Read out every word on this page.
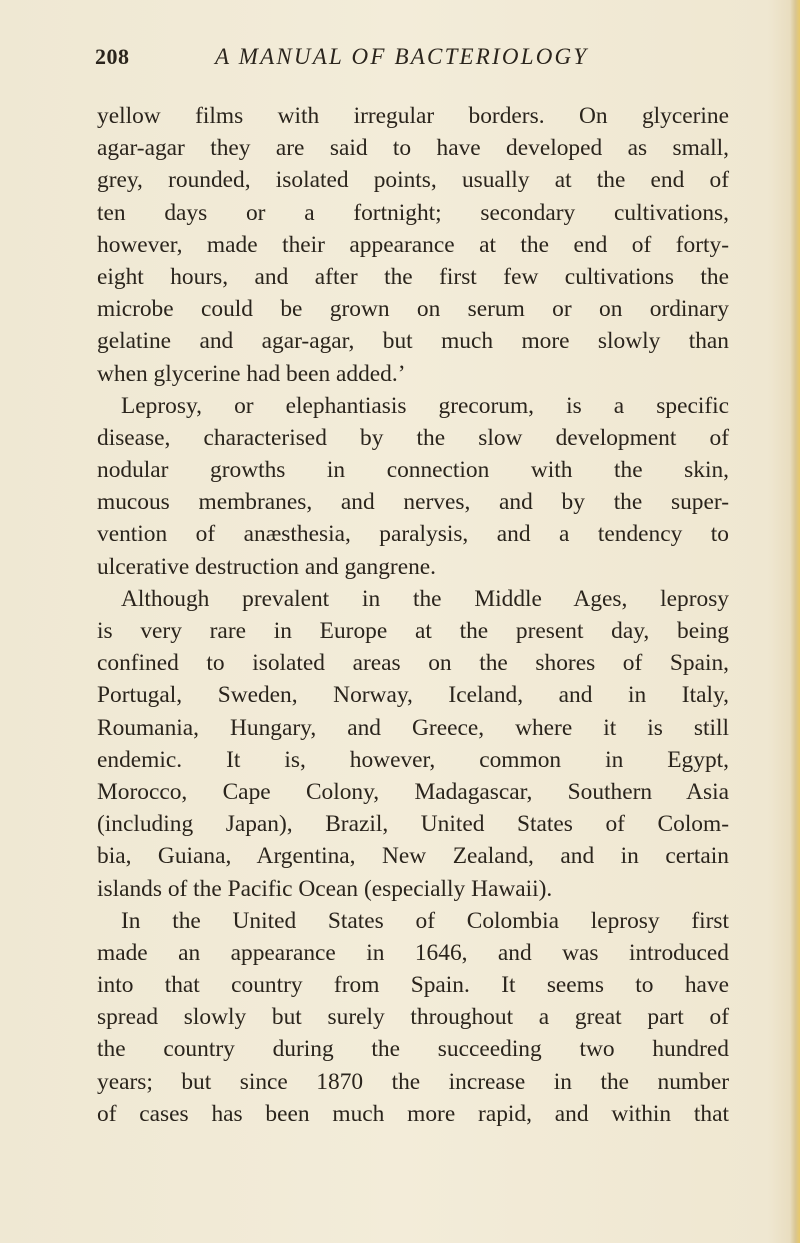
208	A MANUAL OF BACTERIOLOGY
yellow films with irregular borders. On glycerine
agar-agar they are said to have developed as small,
grey, rounded, isolated points, usually at the end of
ten days or a fortnight; secondary cultivations,
however, made their appearance at the end of forty-
eight hours, and after the first few cultivations the
microbe could be grown on serum or on ordinary
gelatine and agar-agar, but much more slowly than
when glycerine had been added.’
Leprosy, or elephantiasis grecorum, is a specific
disease, characterised by the slow development of
nodular growths in connection with the skin,
mucous membranes, and nerves, and by the super-
vention of anæsthesia, paralysis, and a tendency to
ulcerative destruction and gangrene.
Although prevalent in the Middle Ages, leprosy
is very rare in Europe at the present day, being
confined to isolated areas on the shores of Spain,
Portugal, Sweden, Norway, Iceland, and in Italy,
Roumania, Hungary, and Greece, where it is still
endemic. It is, however, common in Egypt,
Morocco, Cape Colony, Madagascar, Southern Asia
(including Japan), Brazil, United States of Colom-
bia, Guiana, Argentina, New Zealand, and in certain
islands of the Pacific Ocean (especially Hawaii).
In the United States of Colombia leprosy first
made an appearance in 1646, and was introduced
into that country from Spain. It seems to have
spread slowly but surely throughout a great part of
the country during the succeeding two hundred
years; but since 1870 the increase in the number
of cases has been much more rapid, and within that
